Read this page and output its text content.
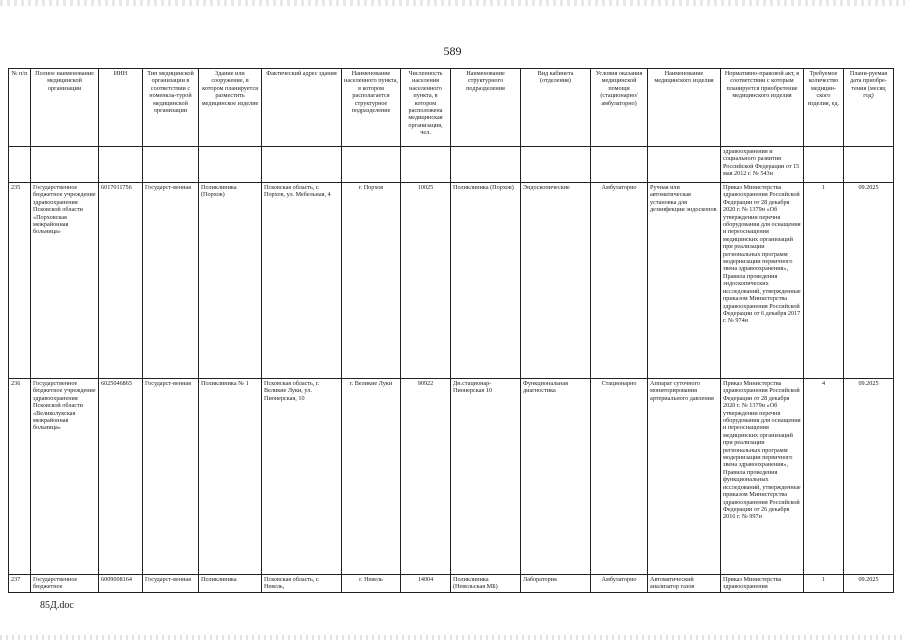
589
№ п/п	Полное наименование медицинской организации	ИНН	Тип медицинской организации в соответствии с номенкла-турой медицинской организации	Здание или сооружение, в котором планируется разместить медицинское изделие	Фактический адрес здания	Наименование населенного пункта, в котором располагается структурное подразделение	Численность населения населенного пункта, в котором расположена медицинская организация, чел.	Наименование структурного подразделения	Вид кабинета (отделения)	Условия оказания медицинской помощи (стационарно/ амбулаторно)	Наименование медицинского изделия	Нормативно-правовой акт, в соответствии с которым планируется приобретение медицинского изделия	Требуемое количество медицин-ского изделия, ед.	Плани-руемая дата приобре-тения (месяц год)
												здравоохранения и социального развития Российской Федерации от 15 мая 2012 г. № 543н		
235	Государственное бюджетное учреждение здравоохранения Псковской области «Порховская межрайонная больница»	6017011756	Государст-венная	Поликлиника (Порхов)	Псковская область, г. Порхов, ул. Мебельная, 4	г. Порхов	10025	Поликлиника (Порхов)	Эндоскопические	Амбулаторно	Ручная или автоматическая установка для дезинфекции эндоскопов	Приказ Министерства здравоохранения Российской Федерации от 28 декабря 2020 г. № 1379н «Об утверждении перечня оборудования для оснащения и переоснащения медицинских организаций при реализации региональных программ модернизации первичного звена здравоохранения», Правила проведения эндоскопических исследований, утвержденные приказом Министерства здравоохранения Российской Федерации от 6 декабря 2017 г. № 974н	1	09.2025
236	Государственное бюджетное учреждение здравоохранения Псковской области «Великолукская межрайонная больница»	6025046865	Государст-венная	Поликлиника № 1	Псковская область, г. Великие Луки, ул. Пионерская, 10	г. Великие Луки	90922	Дн.стационар-Пионерская 10	Функциональная диагностика	Стационарно	Аппарат суточного мониторирования артериального давления	Приказ Министерства здравоохранения Российской Федерации от 28 декабря 2020 г. № 1379н «Об утверждении перечня оборудования для оснащения и переоснащения медицинских организаций при реализации региональных программ модернизации первичного звена здравоохранения», Правила проведения функциональных исследований, утвержденные приказом Министерства здравоохранения Российской Федерации от 26 декабря 2016 г. № 997н	4	09.2025
237	Государственное бюджетное	6009008164	Государст-венная	Поликлиника	Псковская область, г. Невель,	г. Невель	14004	Поликлиника (Невельская МБ)	Лаборатория	Амбулаторно	Автоматический анализатор газов	Приказ Министерства здравоохранения	1	09.2025
85Д.doc
